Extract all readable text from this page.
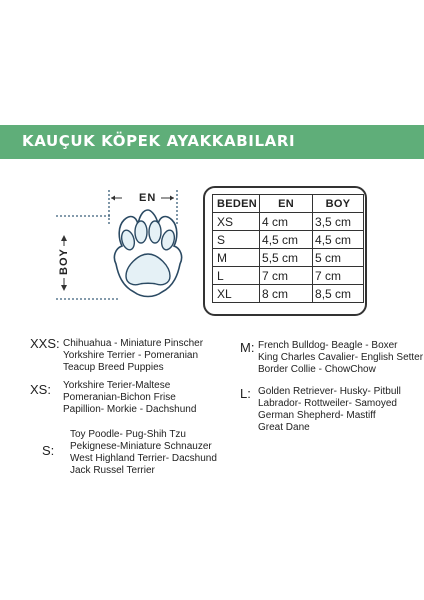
KAUÇUK KÖPEK AYAKKABILARI
EN
BOY
BEDEN	EN	BOY
XS	4 cm	3,5 cm
S	4,5 cm	4,5 cm
M	5,5 cm	5 cm
L	7 cm	7 cm
XL	8 cm	8,5 cm
XXS: Chihuahua - Miniature Pinscher
Yorkshire Terrier - Pomeranian
Teacup Breed Puppies
XS: Yorkshire Terier-Maltese
Pomeranian-Bichon Frise
Papillion- Morkie - Dachshund
S:
Toy Poodle- Pug-Shih Tzu
Pekignese-Miniature Schnauzer
West Highland Terrier- Dacshund
Jack Russel Terrier
M: French Bulldog- Beagle - Boxer
King Charles Cavalier- English Setter
Border Collie - ChowChow
L: Golden Retriever- Husky- Pitbull
Labrador- Rottweiler- Samoyed
German Shepherd- Mastiff
Great Dane
